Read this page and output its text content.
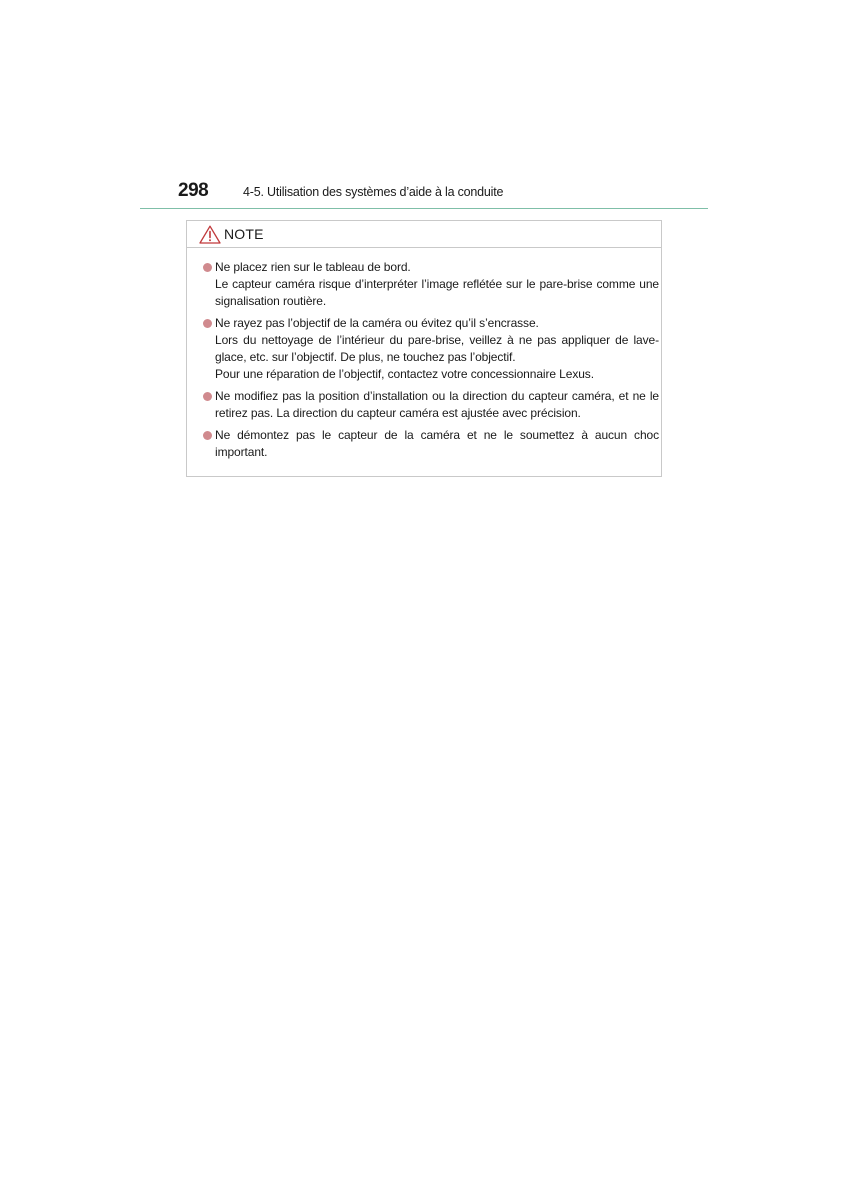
298	4-5. Utilisation des systèmes d’aide à la conduite
NOTE
Ne placez rien sur le tableau de bord.
Le capteur caméra risque d’interpréter l’image reflétée sur le pare-brise comme une signalisation routière.
Ne rayez pas l’objectif de la caméra ou évitez qu’il s’encrasse.
Lors du nettoyage de l’intérieur du pare-brise, veillez à ne pas appliquer de lave-glace, etc. sur l’objectif. De plus, ne touchez pas l’objectif.
Pour une réparation de l’objectif, contactez votre concessionnaire Lexus.
Ne modifiez pas la position d’installation ou la direction du capteur caméra, et ne le retirez pas. La direction du capteur caméra est ajustée avec précision.
Ne démontez pas le capteur de la caméra et ne le soumettez à aucun choc important.
